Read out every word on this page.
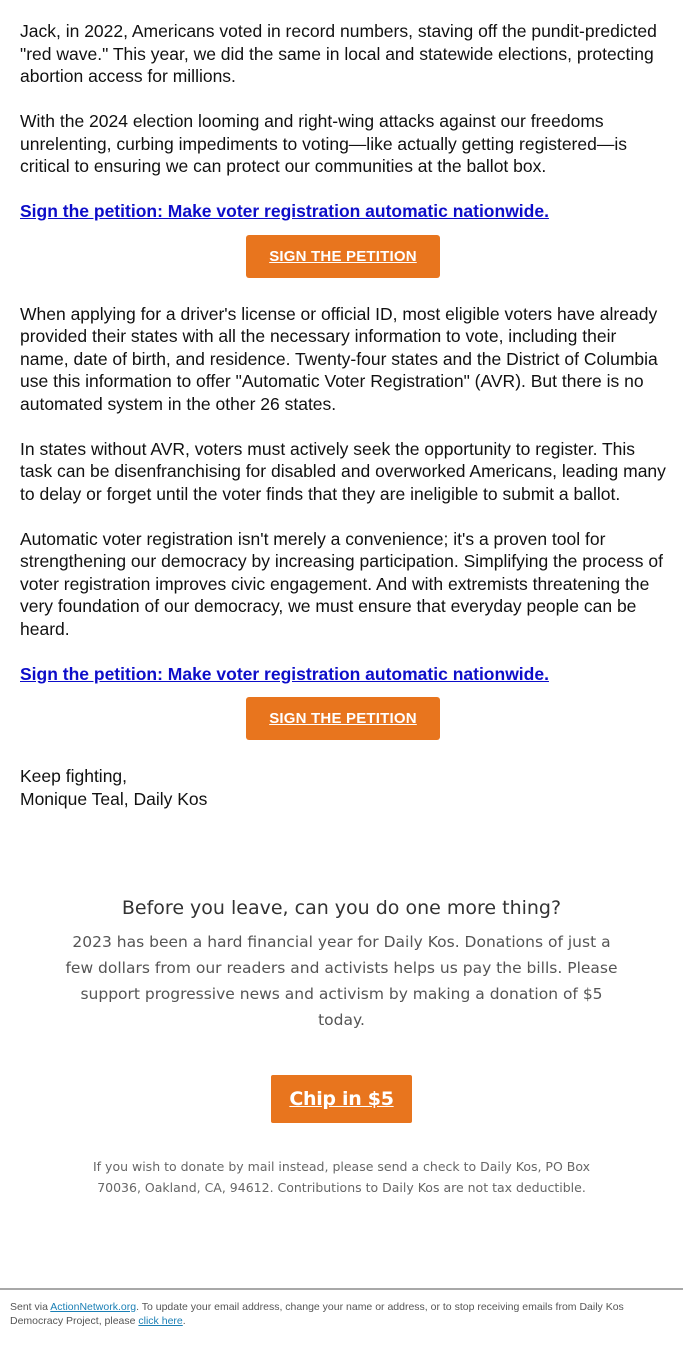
Jack, in 2022, Americans voted in record numbers, staving off the pundit-predicted "red wave." This year, we did the same in local and statewide elections, protecting abortion access for millions.

With the 2024 election looming and right-wing attacks against our freedoms unrelenting, curbing impediments to voting—like actually getting registered—is critical to ensuring we can protect our communities at the ballot box.

Sign the petition: Make voter registration automatic nationwide.
SIGN THE PETITION

When applying for a driver's license or official ID, most eligible voters have already provided their states with all the necessary information to vote, including their name, date of birth, and residence. Twenty-four states and the District of Columbia use this information to offer "Automatic Voter Registration" (AVR). But there is no automated system in the other 26 states.

In states without AVR, voters must actively seek the opportunity to register. This task can be disenfranchising for disabled and overworked Americans, leading many to delay or forget until the voter finds that they are ineligible to submit a ballot.

Automatic voter registration isn't merely a convenience; it's a proven tool for strengthening our democracy by increasing participation. Simplifying the process of voter registration improves civic engagement. And with extremists threatening the very foundation of our democracy, we must ensure that everyday people can be heard.

Sign the petition: Make voter registration automatic nationwide.
SIGN THE PETITION

Keep fighting,

Monique Teal, Daily Kos

Before you leave, can you do one more thing?

2023 has been a hard financial year for Daily Kos. Donations of just a few dollars from our readers and activists helps us pay the bills. Please support progressive news and activism by making a donation of $5 today.
Chip in $5
If you wish to donate by mail instead, please send a check to Daily Kos, PO Box 70036, Oakland, CA, 94612. Contributions to Daily Kos are not tax deductible.
Sent via ActionNetwork.org. To update your email address, change your name or address, or to stop receiving emails from Daily Kos Democracy Project, please click here.
